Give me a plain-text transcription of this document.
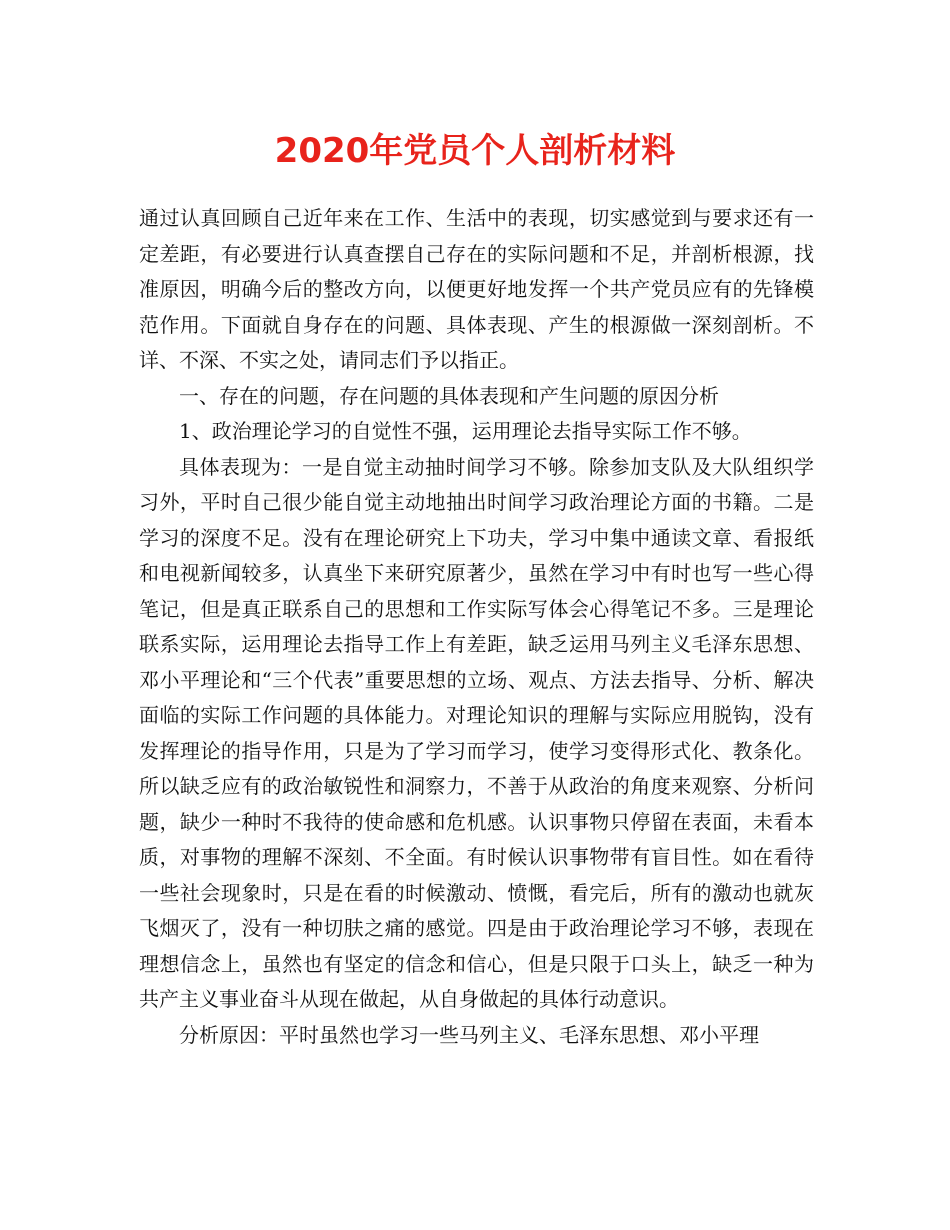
2020年党员个人剖析材料

通过认真回顾自己近年来在工作、生活中的表现，切实感觉到与要求还有一定差距，有必要进行认真查摆自己存在的实际问题和不足，并剖析根源，找准原因，明确今后的整改方向，以便更好地发挥一个共产党员应有的先锋模范作用。下面就自身存在的问题、具体表现、产生的根源做一深刻剖析。不详、不深、不实之处，请同志们予以指正。

一、存在的问题，存在问题的具体表现和产生问题的原因分析

1、政治理论学习的自觉性不强，运用理论去指导实际工作不够。

具体表现为：一是自觉主动抽时间学习不够。除参加支队及大队组织学习外，平时自己很少能自觉主动地抽出时间学习政治理论方面的书籍。二是学习的深度不足。没有在理论研究上下功夫，学习中集中通读文章、看报纸和电视新闻较多，认真坐下来研究原著少，虽然在学习中有时也写一些心得笔记，但是真正联系自己的思想和工作实际写体会心得笔记不多。三是理论联系实际，运用理论去指导工作上有差距，缺乏运用马列主义毛泽东思想、邓小平理论和“三个代表”重要思想的立场、观点、方法去指导、分析、解决面临的实际工作问题的具体能力。对理论知识的理解与实际应用脱钩，没有发挥理论的指导作用，只是为了学习而学习，使学习变得形式化、教条化。所以缺乏应有的政治敏锐性和洞察力，不善于从政治的角度来观察、分析问题，缺少一种时不我待的使命感和危机感。认识事物只停留在表面，未看本质，对事物的理解不深刻、不全面。有时候认识事物带有盲目性。如在看待一些社会现象时，只是在看的时候激动、愤慨，看完后，所有的激动也就灰飞烟灭了，没有一种切肤之痛的感觉。四是由于政治理论学习不够，表现在理想信念上，虽然也有坚定的信念和信心，但是只限于口头上，缺乏一种为共产主义事业奋斗从现在做起，从自身做起的具体行动意识。

分析原因：平时虽然也学习一些马列主义、毛泽东思想、邓小平理
